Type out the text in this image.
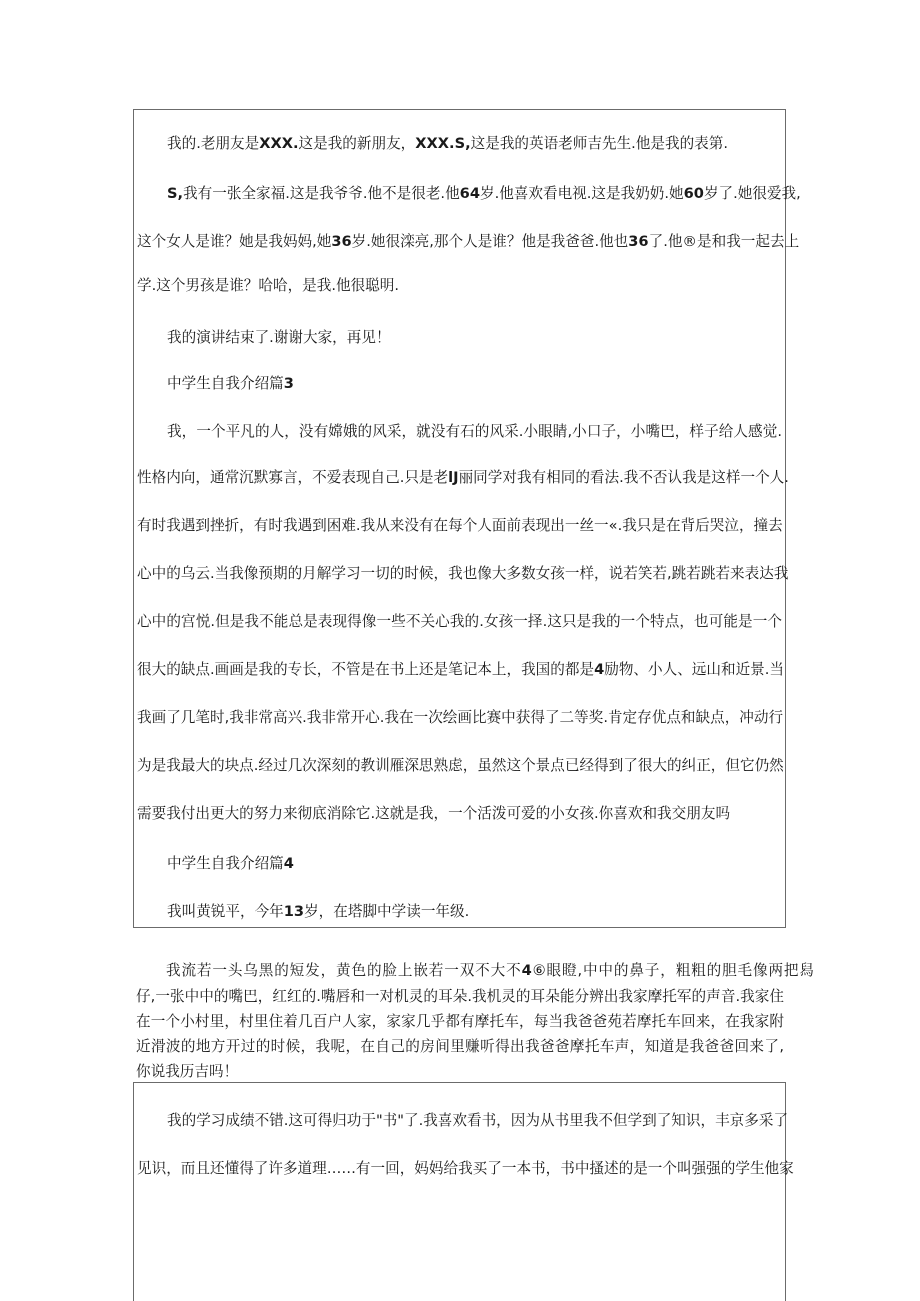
我的.老朋友是XXX.这是我的新朋友，XXX.S,这是我的英语老师吉先生.他是我的表第.
S,我有一张全家福.这是我爷爷.他不是很老.他64岁.他喜欢看电视.这是我奶奶.她60岁了.她很爱我,
这个女人是谁？她是我妈妈,她36岁.她很滦亮,那个人是谁？他是我爸爸.他也36了.他®是和我一起去上
学.这个男孩是谁？哈哈，是我.他很聪明.
我的演讲结束了.谢谢大家，再见！
中学生自我介绍篇3
我，一个平凡的人，没有嫦娥的风采，就没有石的风采.小眼睛,小口子，小嘴巴，样子给人感觉.
性格内向，通常沉默寡言，不爱表现自己.只是老lJ丽同学对我有相同的看法.我不否认我是这样一个人.
有时我遇到挫折，有时我遇到困难.我从来没有在每个人面前表现出一丝一«.我只是在背后哭泣，撞去
心中的乌云.当我像预期的月解学习一切的时候，我也像大多数女孩一样，说若笑若,跳若跳若来表达我
心中的宫悦.但是我不能总是表现得像一些不关心我的.女孩一择.这只是我的一个特点，也可能是一个
很大的缺点.画画是我的专长，不管是在书上还是笔记本上，我国的都是4励物、小人、远山和近景.当
我画了几笔时,我非常高兴.我非常开心.我在一次绘画比赛中获得了二等奖.肯定存优点和缺点，冲动行
为是我最大的块点.经过几次深刻的教训雁深思熟虑，虽然这个景点已经得到了很大的纠正，但它仍然
需要我付出更大的努力来彻底消除它.这就是我，一个活泼可爱的小女孩.你喜欢和我交朋友吗
中学生自我介绍篇4
我叫黄锐平，今年13岁，在塔脚中学读一年级.
我流若一头乌黑的短发，黄色的脸上嵌若一双不大不4⑥眼瞪,中中的鼻子，粗粗的胆毛像两把舄
仔,一张中中的嘴巴，红红的.嘴唇和一对机灵的耳朵.我机灵的耳朵能分辨出我家摩托军的声音.我家住
在一个小村里，村里住着几百户人家，家家几乎都有摩托车，每当我爸爸苑若摩托车回来，在我家附
近滑波的地方开过的时候，我呢，在自己的房间里赚听得出我爸爸摩托车声，知道是我爸爸回来了,
你说我历吉吗！
我的学习成绩不错.这可得归功于"书"了.我喜欢看书，因为从书里我不但学到了知识，丰京多采了
见识，而且还懂得了许多道理……有一回，妈妈给我买了一本书，书中搔述的是一个叫强强的学生他家
